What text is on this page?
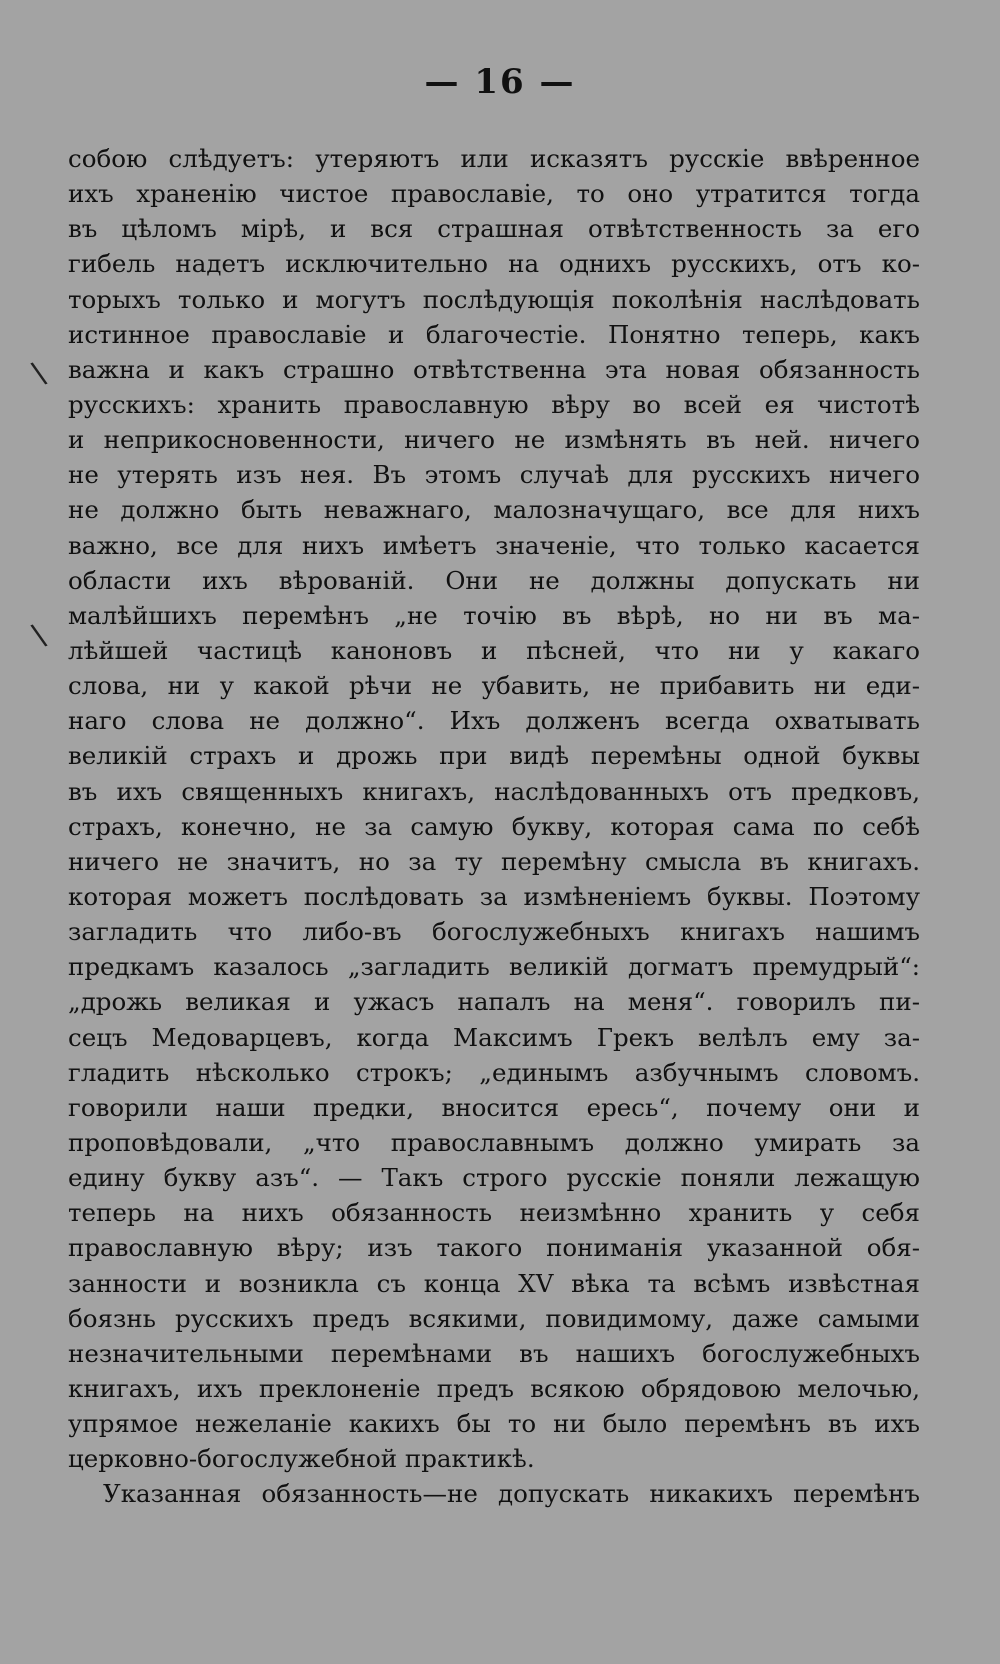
— 16 —
\
\
собою слѣдуетъ: утеряютъ или исказятъ русскіе ввѣренное
ихъ храненію чистое православіе, то оно утратится тогда
въ цѣломъ мірѣ, и вся страшная отвѣтственность за его
гибель надетъ исключительно на однихъ русскихъ, отъ ко-
торыхъ только и могутъ послѣдующія поколѣнія наслѣдовать
истинное православіе и благочестіе. Понятно теперь, какъ
важна и какъ страшно отвѣтственна эта новая обязанность
русскихъ: хранить православную вѣру во всей ея чистотѣ
и неприкосновенности, ничего не измѣнять въ ней. ничего
не утерять изъ нея. Въ этомъ случаѣ для русскихъ ничего
не должно быть неважнаго, малозначущаго, все для нихъ
важно, все для нихъ имѣетъ значеніе, что только касается
области ихъ вѣрованій. Они не должны допускать ни
малѣйшихъ перемѣнъ „не точію въ вѣрѣ, но ни въ ма-
лѣйшей частицѣ каноновъ и пѣсней, что ни у какаго
слова, ни у какой рѣчи не убавить, не прибавить ни еди-
наго слова не должно“. Ихъ долженъ всегда охватывать
великій страхъ и дрожь при видѣ перемѣны одной буквы
въ ихъ священныхъ книгахъ, наслѣдованныхъ отъ предковъ,
страхъ, конечно, не за самую букву, которая сама по себѣ
ничего не значитъ, но за ту перемѣну смысла въ книгахъ.
которая можетъ послѣдовать за измѣненіемъ буквы. Поэтому
загладить что либо-въ богослужебныхъ книгахъ нашимъ
предкамъ казалось „загладить великій догматъ премудрый“:
„дрожь великая и ужасъ напалъ на меня“. говорилъ пи-
сецъ Медоварцевъ, когда Максимъ Грекъ велѣлъ ему за-
гладить нѣсколько строкъ; „единымъ азбучнымъ словомъ.
говорили наши предки, вносится ересь“, почему они и
проповѣдовали, „что православнымъ должно умирать за
едину букву азъ“. — Такъ строго русскіе поняли лежащую
теперь на нихъ обязанность неизмѣнно хранить у себя
православную вѣру; изъ такого пониманія указанной обя-
занности и возникла съ конца XV вѣка та всѣмъ извѣстная
боязнь русскихъ предъ всякими, повидимому, даже самыми
незначительными перемѣнами въ нашихъ богослужебныхъ
книгахъ, ихъ преклоненіе предъ всякою обрядовою мелочью,
упрямое нежеланіе какихъ бы то ни было перемѣнъ въ ихъ
церковно-богослужебной практикѣ.
Указанная обязанность—не допускать никакихъ перемѣнъ
